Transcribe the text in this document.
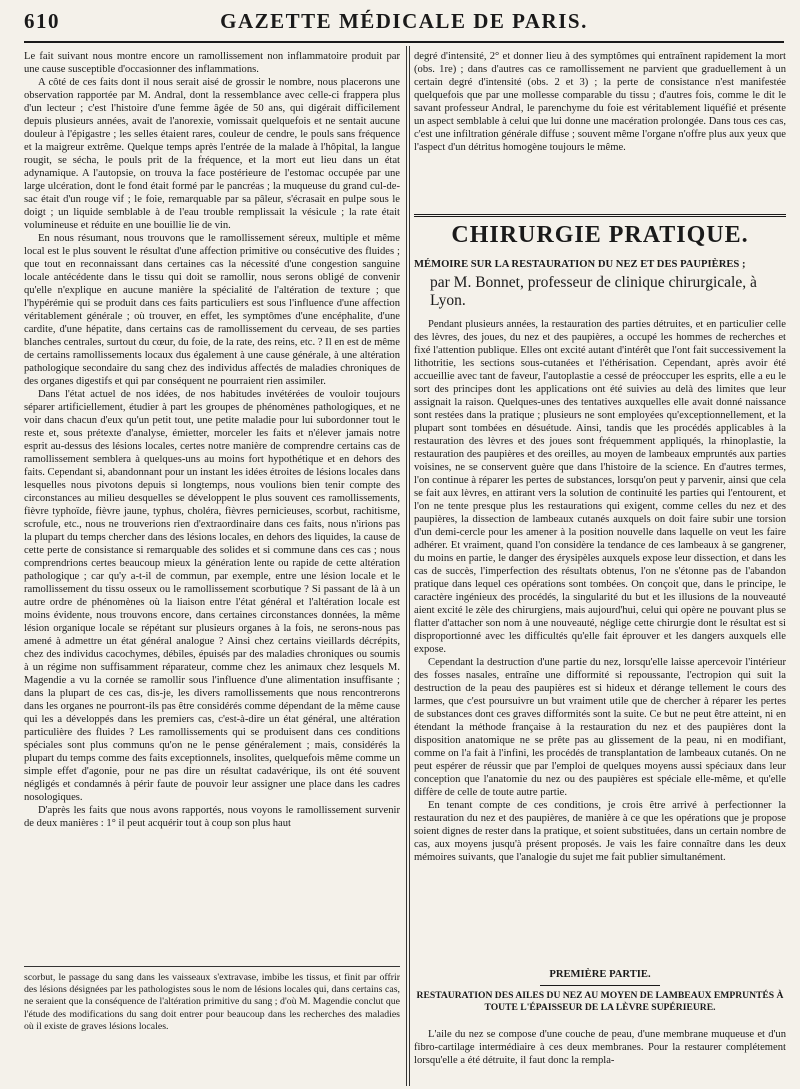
610	GAZETTE MÉDICALE DE PARIS.

Le fait suivant nous montre encore un ramollissement non inflammatoire produit par une cause susceptible d'occasionner des inflammations.

A côté de ces faits dont il nous serait aisé de grossir le nombre, nous placerons une observation rapportée par M. Andral, dont la ressemblance avec celle-ci frappera plus d'un lecteur ; c'est l'histoire d'une femme âgée de 50 ans, qui digérait difficilement depuis plusieurs années, avait de l'anorexie, vomissait quelquefois et ne sentait aucune douleur à l'épigastre ; les selles étaient rares, couleur de cendre, le pouls sans fréquence et la maigreur extrême. Quelque temps après l'entrée de la malade à l'hôpital, la langue rougit, se sécha, le pouls prit de la fréquence, et la mort eut lieu dans un état adynamique. A l'autopsie, on trouva la face postérieure de l'estomac occupée par une large ulcération, dont le fond était formé par le pancréas ; la muqueuse du grand cul-de-sac était d'un rouge vif ; le foie, remarquable par sa pâleur, s'écrasait en pulpe sous le doigt ; un liquide semblable à de l'eau trouble remplissait la vésicule ; la rate était volumineuse et réduite en une bouillie lie de vin.

En nous résumant, nous trouvons que le ramollissement séreux, multiple et même local est le plus souvent le résultat d'une affection primitive ou consécutive des fluides ; que tout en reconnaissant dans certaines cas la nécessité d'une congestion sanguine locale antécédente dans le tissu qui doit se ramollir, nous serons obligé de convenir qu'elle n'explique en aucune manière la spécialité de l'altération de texture ; que l'hypérémie qui se produit dans ces faits particuliers est sous l'influence d'une affection véritablement générale ; où trouver, en effet, les symptômes d'une encéphalite, d'une cardite, d'une hépatite, dans certains cas de ramollissement du cerveau, de ses parties blanches centrales, surtout du cœur, du foie, de la rate, des reins, etc. ? Il en est de même de certains ramollissements locaux dus également à une cause générale, à une altération pathologique secondaire du sang chez des individus affectés de maladies chroniques de des organes digestifs et qui par conséquent ne pourraient rien assimiler.

Dans l'état actuel de nos idées, de nos habitudes invétérées de vouloir toujours séparer artificiellement, étudier à part les groupes de phénomènes pathologiques, et ne voir dans chacun d'eux qu'un petit tout, une petite maladie pour lui subordonner tout le reste et, sous prétexte d'analyse, émietter, morceler les faits et n'élever jamais notre esprit au-dessus des lésions locales, certes notre manière de comprendre certains cas de ramollissement semblera à quelques-uns au moins fort hypothétique et en dehors des faits. Cependant si, abandonnant pour un instant les idées étroites de lésions locales dans lesquelles nous pivotons depuis si longtemps, nous voulions bien tenir compte des circonstances au milieu desquelles se développent le plus souvent ces ramollissements, fièvre typhoïde, fièvre jaune, typhus, choléra, fièvres pernicieuses, scorbut, rachitisme, scrofule, etc., nous ne trouverions rien d'extraordinaire dans ces faits, nous n'irions pas la plupart du temps chercher dans des lésions locales, en dehors des liquides, la cause de cette perte de consistance si remarquable des solides et si commune dans ces cas ; nous comprendrions certes beaucoup mieux la génération lente ou rapide de cette altération pathologique ; car qu'y a-t-il de commun, par exemple, entre une lésion locale et le ramollissement du tissu osseux ou le ramollissement scorbutique ? Si passant de là à un autre ordre de phénomènes où la liaison entre l'état général et l'altération locale est moins évidente, nous trouvons encore, dans certaines circonstances données, la même lésion organique locale se répétant sur plusieurs organes à la fois, ne serons-nous pas amené à admettre un état général analogue ? Ainsi chez certains vieillards décrépits, chez des individus cacochymes, débiles, épuisés par des maladies chroniques ou soumis à un régime non suffisamment réparateur, comme chez les animaux chez lesquels M. Magendie a vu la cornée se ramollir sous l'influence d'une alimentation insuffisante ; dans la plupart de ces cas, dis-je, les divers ramollissements que nous rencontrerons dans les organes ne pourront-ils pas être considérés comme dépendant de la même cause qui les a développés dans les premiers cas, c'est-à-dire un état général, une altération particulière des fluides ? Les ramollissements qui se produisent dans ces conditions spéciales sont plus communs qu'on ne le pense généralement ; mais, considérés la plupart du temps comme des faits exceptionnels, insolites, quelquefois même comme un simple effet d'agonie, pour ne pas dire un résultat cadavérique, ils ont été souvent négligés et condamnés à périr faute de pouvoir leur assigner une place dans les cadres nosologiques.

D'après les faits que nous avons rapportés, nous voyons le ramollissement survenir de deux manières : 1° il peut acquérir tout à coup son plus haut

scorbut, le passage du sang dans les vaisseaux s'extravase, imbibe les tissus, et finit par offrir des lésions désignées par les pathologistes sous le nom de lésions locales qui, dans certains cas, ne seraient que la conséquence de l'altération primitive du sang ; d'où M. Magendie conclut que l'étude des modifications du sang doit entrer pour beaucoup dans les recherches des maladies où il existe de graves lésions locales.

degré d'intensité, 2° et donner lieu à des symptômes qui entraînent rapidement la mort (obs. 1re) ; dans d'autres cas ce ramollissement ne parvient que graduellement à un certain degré d'intensité (obs. 2 et 3) ; la perte de consistance n'est manifestée quelquefois que par une mollesse comparable du tissu ; d'autres fois, comme le dit le savant professeur Andral, le parenchyme du foie est véritablement liquéfié et présente un aspect semblable à celui que lui donne une macération prolongée. Dans tous ces cas, c'est une infiltration générale diffuse ; souvent même l'organe n'offre plus aux yeux que l'aspect d'un détritus homogène toujours le même.

CHIRURGIE PRATIQUE.
MÉMOIRE SUR LA RESTAURATION DU NEZ ET DES PAUPIÈRES ;
par M. Bonnet, professeur de clinique chirurgicale, à Lyon.

Pendant plusieurs années, la restauration des parties détruites, et en particulier celle des lèvres, des joues, du nez et des paupières, a occupé les hommes de recherches et fixé l'attention publique. Elles ont excité autant d'intérêt que l'ont fait successivement la lithotritie, les sections sous-cutanées et l'éthérisation. Cependant, après avoir été accueillie avec tant de faveur, l'autoplastie a cessé de préoccuper les esprits, elle a eu le sort des principes dont les applications ont été suivies au delà des limites que leur assignait la raison. Quelques-unes des tentatives auxquelles elle avait donné naissance sont restées dans la pratique ; plusieurs ne sont employées qu'exceptionnellement, et la plupart sont tombées en désuétude. Ainsi, tandis que les procédés applicables à la restauration des lèvres et des joues sont fréquemment appliqués, la rhinoplastie, la restauration des paupières et des oreilles, au moyen de lambeaux empruntés aux parties voisines, ne se conservent guère que dans l'histoire de la science. En d'autres termes, l'on continue à réparer les pertes de substances, lorsqu'on peut y parvenir, ainsi que cela se fait aux lèvres, en attirant vers la solution de continuité les parties qui l'entourent, et l'on ne tente presque plus les restaurations qui exigent, comme celles du nez et des paupières, la dissection de lambeaux cutanés auxquels on doit faire subir une torsion d'un demi-cercle pour les amener à la position nouvelle dans laquelle on veut les faire adhérer. Et vraiment, quand l'on considère la tendance de ces lambeaux à se gangrener, du moins en partie, le danger des érysipèles auxquels expose leur dissection, et dans les cas de succès, l'imperfection des résultats obtenus, l'on ne s'étonne pas de l'abandon pratique dans lequel ces opérations sont tombées. On conçoit que, dans le principe, le caractère ingénieux des procédés, la singularité du but et les illusions de la nouveauté aient excité le zèle des chirurgiens, mais aujourd'hui, celui qui opère ne pouvant plus se flatter d'attacher son nom à une nouveauté, néglige cette chirurgie dont le résultat est si disproportionné avec les difficultés qu'elle fait éprouver et les dangers auxquels elle expose.

Cependant la destruction d'une partie du nez, lorsqu'elle laisse apercevoir l'intérieur des fosses nasales, entraîne une difformité si repoussante, l'ectropion qui suit la destruction de la peau des paupières est si hideux et dérange tellement le cours des larmes, que c'est poursuivre un but vraiment utile que de chercher à réparer les pertes de substances dont ces graves difformités sont la suite. Ce but ne peut être atteint, ni en étendant la méthode française à la restauration du nez et des paupières dont la disposition anatomique ne se prête pas au glissement de la peau, ni en modifiant, comme on l'a fait à l'infini, les procédés de transplantation de lambeaux cutanés. On ne peut espérer de réussir que par l'emploi de quelques moyens aussi spéciaux dans leur conception que l'anatomie du nez ou des paupières est spéciale elle-même, et qu'elle diffère de celle de toute autre partie.

En tenant compte de ces conditions, je crois être arrivé à perfectionner la restauration du nez et des paupières, de manière à ce que les opérations que je propose soient dignes de rester dans la pratique, et soient substituées, dans un certain nombre de cas, aux moyens jusqu'à présent proposés. Je vais les faire connaître dans les deux mémoires suivants, que l'analogie du sujet me fait publier simultanément.

PREMIÈRE PARTIE.
RESTAURATION DES AILES DU NEZ AU MOYEN DE LAMBEAUX EMPRUNTÉS À TOUTE L'ÉPAISSEUR DE LA LÈVRE SUPÉRIEURE.

L'aile du nez se compose d'une couche de peau, d'une membrane muqueuse et d'un fibro-cartilage intermédiaire à ces deux membranes. Pour la restaurer complétement lorsqu'elle a été détruite, il faut donc la rempla-
